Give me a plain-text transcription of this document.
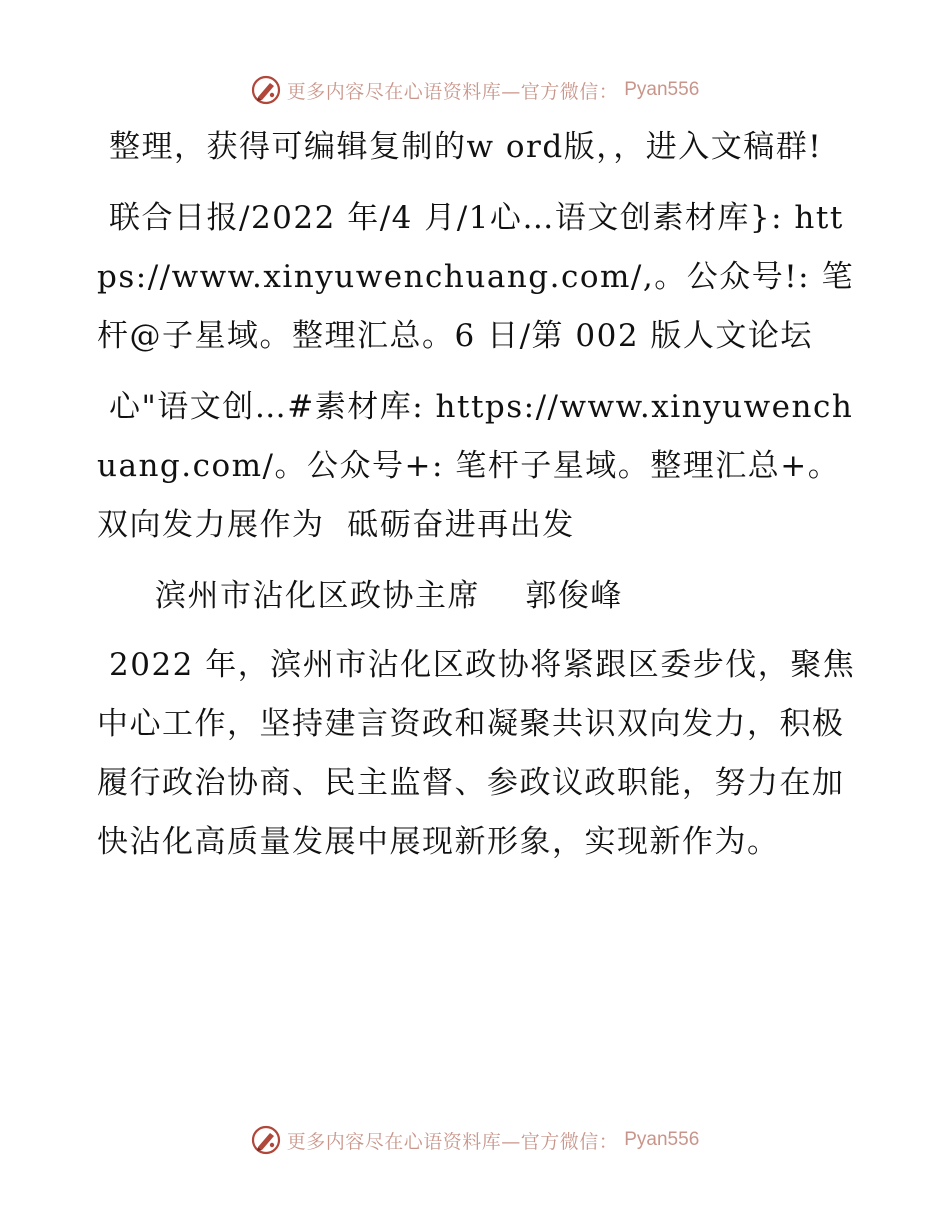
更多内容尽在心语资料库—官方微信： Pyan556

整理，获得可编辑复制的w ord版，，进入文稿群!

联合日报/2022 年/4 月/1心…语文创素材库}: https://www.xinyuwenchuang.com/,。公众号!: 笔杆@子星域。整理汇总。6 日/第 002 版人文论坛

心"语文创…#素材库: https://www.xinyuwenchuang.com/。公众号+: 笔杆子星域。整理汇总+。双向发力展作为  砥砺奋进再出发

滨州市沾化区政协主席    郭俊峰

2022 年，滨州市沾化区政协将紧跟区委步伐，聚焦中心工作，坚持建言资政和凝聚共识双向发力，积极履行政治协商、民主监督、参政议政职能，努力在加快沾化高质量发展中展现新形象，实现新作为。

更多内容尽在心语资料库—官方微信： Pyan556
